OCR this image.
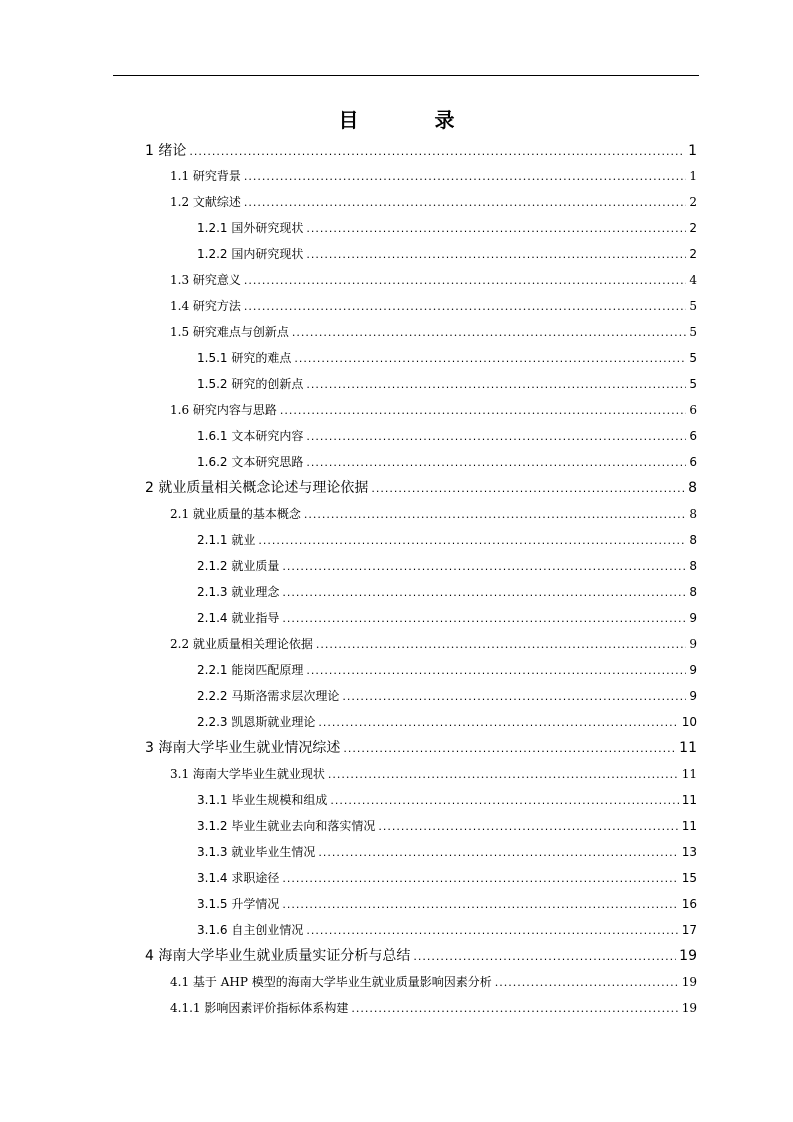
目　录
1 绪论 .....	1
1.1 研究背景 .....	1
1.2 文献综述 .....	2
1.2.1 国外研究现状 .....	2
1.2.2 国内研究现状 .....	2
1.3 研究意义 .....	4
1.4 研究方法 .....	5
1.5 研究难点与创新点 .....	5
1.5.1 研究的难点 .....	5
1.5.2 研究的创新点 .....	5
1.6 研究内容与思路 .....	6
1.6.1 文本研究内容 .....	6
1.6.2 文本研究思路 .....	6
2 就业质量相关概念论述与理论依据 .....	8
2.1 就业质量的基本概念 .....	8
2.1.1 就业 .....	8
2.1.2 就业质量 .....	8
2.1.3 就业理念 .....	8
2.1.4 就业指导 .....	9
2.2 就业质量相关理论依据 .....	9
2.2.1 能岗匹配原理 .....	9
2.2.2 马斯洛需求层次理论 .....	9
2.2.3 凯恩斯就业理论 .....	10
3 海南大学毕业生就业情况综述 .....	11
3.1 海南大学毕业生就业现状 .....	11
3.1.1 毕业生规模和组成 .....	11
3.1.2 毕业生就业去向和落实情况 .....	11
3.1.3 就业毕业生情况 .....	13
3.1.4 求职途径 .....	15
3.1.5 升学情况 .....	16
3.1.6 自主创业情况 .....	17
4 海南大学毕业生就业质量实证分析与总结 .....	19
4.1 基于 AHP 模型的海南大学毕业生就业质量影响因素分析 .....	19
4.1.1 影响因素评价指标体系构建 .....	19
